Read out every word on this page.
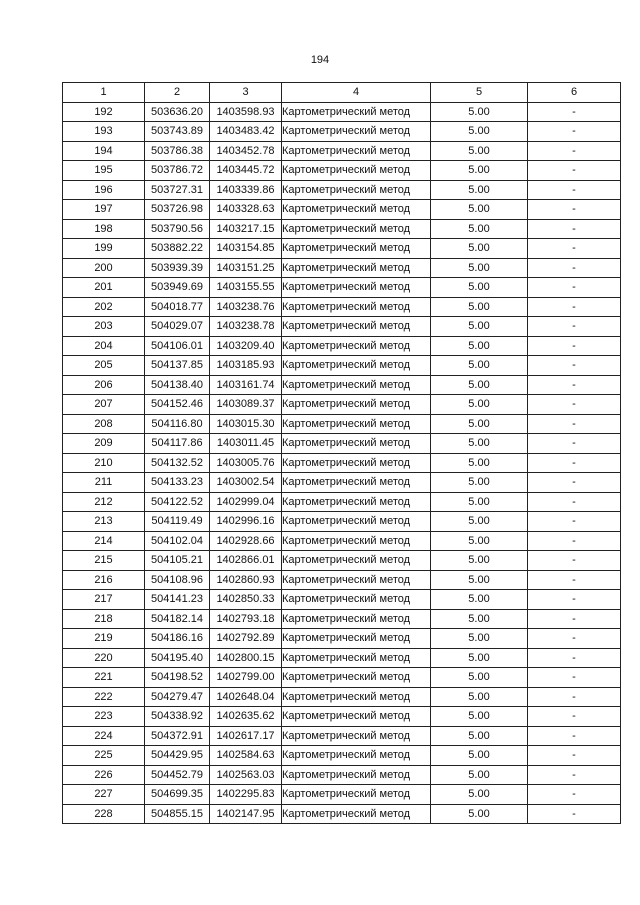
194
1	2	3	4	5	6
192	503636.20	1403598.93	Картометрический метод	5.00	-
193	503743.89	1403483.42	Картометрический метод	5.00	-
194	503786.38	1403452.78	Картометрический метод	5.00	-
195	503786.72	1403445.72	Картометрический метод	5.00	-
196	503727.31	1403339.86	Картометрический метод	5.00	-
197	503726.98	1403328.63	Картометрический метод	5.00	-
198	503790.56	1403217.15	Картометрический метод	5.00	-
199	503882.22	1403154.85	Картометрический метод	5.00	-
200	503939.39	1403151.25	Картометрический метод	5.00	-
201	503949.69	1403155.55	Картометрический метод	5.00	-
202	504018.77	1403238.76	Картометрический метод	5.00	-
203	504029.07	1403238.78	Картометрический метод	5.00	-
204	504106.01	1403209.40	Картометрический метод	5.00	-
205	504137.85	1403185.93	Картометрический метод	5.00	-
206	504138.40	1403161.74	Картометрический метод	5.00	-
207	504152.46	1403089.37	Картометрический метод	5.00	-
208	504116.80	1403015.30	Картометрический метод	5.00	-
209	504117.86	1403011.45	Картометрический метод	5.00	-
210	504132.52	1403005.76	Картометрический метод	5.00	-
211	504133.23	1403002.54	Картометрический метод	5.00	-
212	504122.52	1402999.04	Картометрический метод	5.00	-
213	504119.49	1402996.16	Картометрический метод	5.00	-
214	504102.04	1402928.66	Картометрический метод	5.00	-
215	504105.21	1402866.01	Картометрический метод	5.00	-
216	504108.96	1402860.93	Картометрический метод	5.00	-
217	504141.23	1402850.33	Картометрический метод	5.00	-
218	504182.14	1402793.18	Картометрический метод	5.00	-
219	504186.16	1402792.89	Картометрический метод	5.00	-
220	504195.40	1402800.15	Картометрический метод	5.00	-
221	504198.52	1402799.00	Картометрический метод	5.00	-
222	504279.47	1402648.04	Картометрический метод	5.00	-
223	504338.92	1402635.62	Картометрический метод	5.00	-
224	504372.91	1402617.17	Картометрический метод	5.00	-
225	504429.95	1402584.63	Картометрический метод	5.00	-
226	504452.79	1402563.03	Картометрический метод	5.00	-
227	504699.35	1402295.83	Картометрический метод	5.00	-
228	504855.15	1402147.95	Картометрический метод	5.00	-
